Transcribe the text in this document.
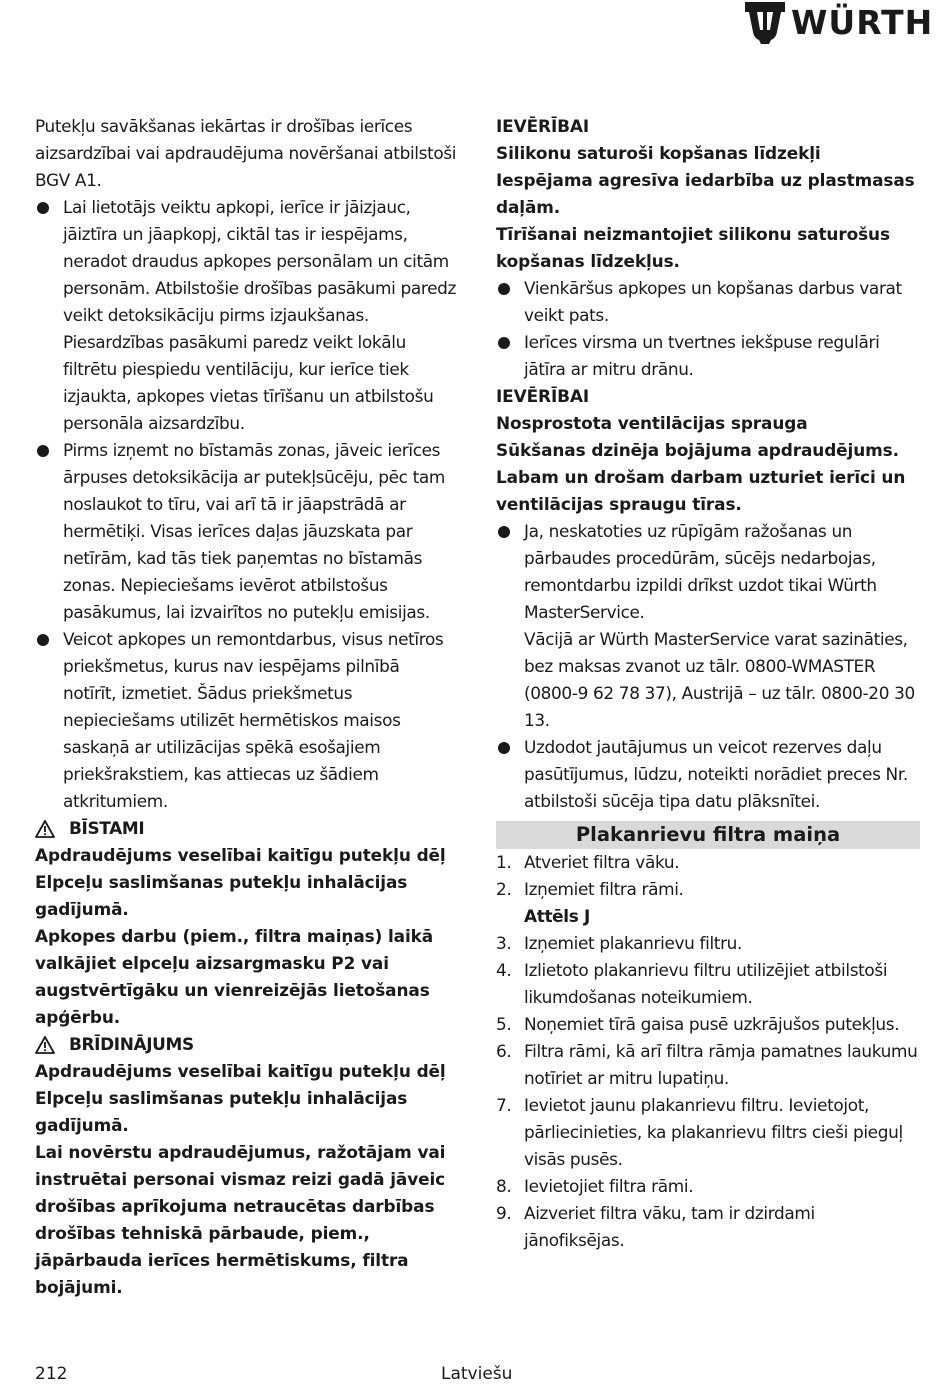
WÜRTH

Putekļu savākšanas iekārtas ir drošības ierīces aizsardzībai vai apdraudējuma novēršanai atbilstoši BGV A1.

Lai lietotājs veiktu apkopi, ierīce ir jāizjauc, jāiztīra un jāapkopj, ciktāl tas ir iespējams, neradot draudus apkopes personālam un citām personām. Atbilstošie drošības pasākumi paredz veikt detoksikāciju pirms izjaukšanas. Piesardzības pasākumi paredz veikt lokālu filtrētu piespiedu ventilāciju, kur ierīce tiek izjaukta, apkopes vietas tīrīšanu un atbilstošu personāla aizsardzību.

Pirms izņemt no bīstamās zonas, jāveic ierīces ārpuses detoksikācija ar putekļsūcēju, pēc tam noslaukot to tīru, vai arī tā ir jāapstrādā ar hermētiķi. Visas ierīces daļas jāuzskata par netīrām, kad tās tiek paņemtas no bīstamās zonas. Nepieciešams ievērot atbilstošus pasākumus, lai izvairītos no putekļu emisijas.

Veicot apkopes un remontdarbus, visus netīros priekšmetus, kurus nav iespējams pilnībā notīrīt, izmetiet. Šādus priekšmetus nepieciešams utilizēt hermētiskos maisos saskaņā ar utilizācijas spēkā esošajiem priekšrakstiem, kas attiecas uz šādiem atkritumiem.

BĪSTAMI

Apdraudējums veselībai kaitīgu putekļu dēļ

Elpceļu saslimšanas putekļu inhalācijas gadījumā.

Apkopes darbu (piem., filtra maiņas) laikā valkājiet elpceļu aizsargmasku P2 vai augstvērtīgāku un vienreizējās lietošanas apģērbu.

BRĪDINĀJUMS

Apdraudējums veselībai kaitīgu putekļu dēļ

Elpceļu saslimšanas putekļu inhalācijas gadījumā.

Lai novērstu apdraudējumus, ražotājam vai instruētai personai vismaz reizi gadā jāveic drošības aprīkojuma netraucētas darbības drošības tehniskā pārbaude, piem., jāpārbauda ierīces hermētiskums, filtra bojājumi.

IEVĒRĪBAI

Silikonu saturoši kopšanas līdzekļi

Iespējama agresīva iedarbība uz plastmasas daļām.

Tīrīšanai neizmantojiet silikonu saturošus kopšanas līdzekļus.

Vienkāršus apkopes un kopšanas darbus varat veikt pats.

Ierīces virsma un tvertnes iekšpuse regulāri jātīra ar mitru drānu.

IEVĒRĪBAI

Nosprostota ventilācijas sprauga

Sūkšanas dzinēja bojājuma apdraudējums.

Labam un drošam darbam uzturiet ierīci un ventilācijas spraugu tīras.

Ja, neskatoties uz rūpīgām ražošanas un pārbaudes procedūrām, sūcējs nedarbojas, remontdarbu izpildi drīkst uzdot tikai Würth MasterService.

Vācijā ar Würth MasterService varat sazināties, bez maksas zvanot uz tālr. 0800-WMASTER (0800-9 62 78 37), Austrijā – uz tālr. 0800-20 30 13.

Uzdodot jautājumus un veicot rezerves daļu pasūtījumus, lūdzu, noteikti norādiet preces Nr. atbilstoši sūcēja tipa datu plāksnītei.

Plakanrievu filtra maiņa

1. Atveriet filtra vāku.

2. Izņemiet filtra rāmi.

Attēls J

3. Izņemiet plakanrievu filtru.

4. Izlietoto plakanrievu filtru utilizējiet atbilstoši likumdošanas noteikumiem.

5. Noņemiet tīrā gaisa pusē uzkrājušos putekļus.

6. Filtra rāmi, kā arī filtra rāmja pamatnes laukumu notīriet ar mitru lupatiņu.

7. Ievietot jaunu plakanrievu filtru. Ievietojot, pārliecinieties, ka plakanrievu filtrs cieši pieguļ visās pusēs.

8. Ievietojiet filtra rāmi.

9. Aizveriet filtra vāku, tam ir dzirdami jānofiksējas.

212	Latviešu
